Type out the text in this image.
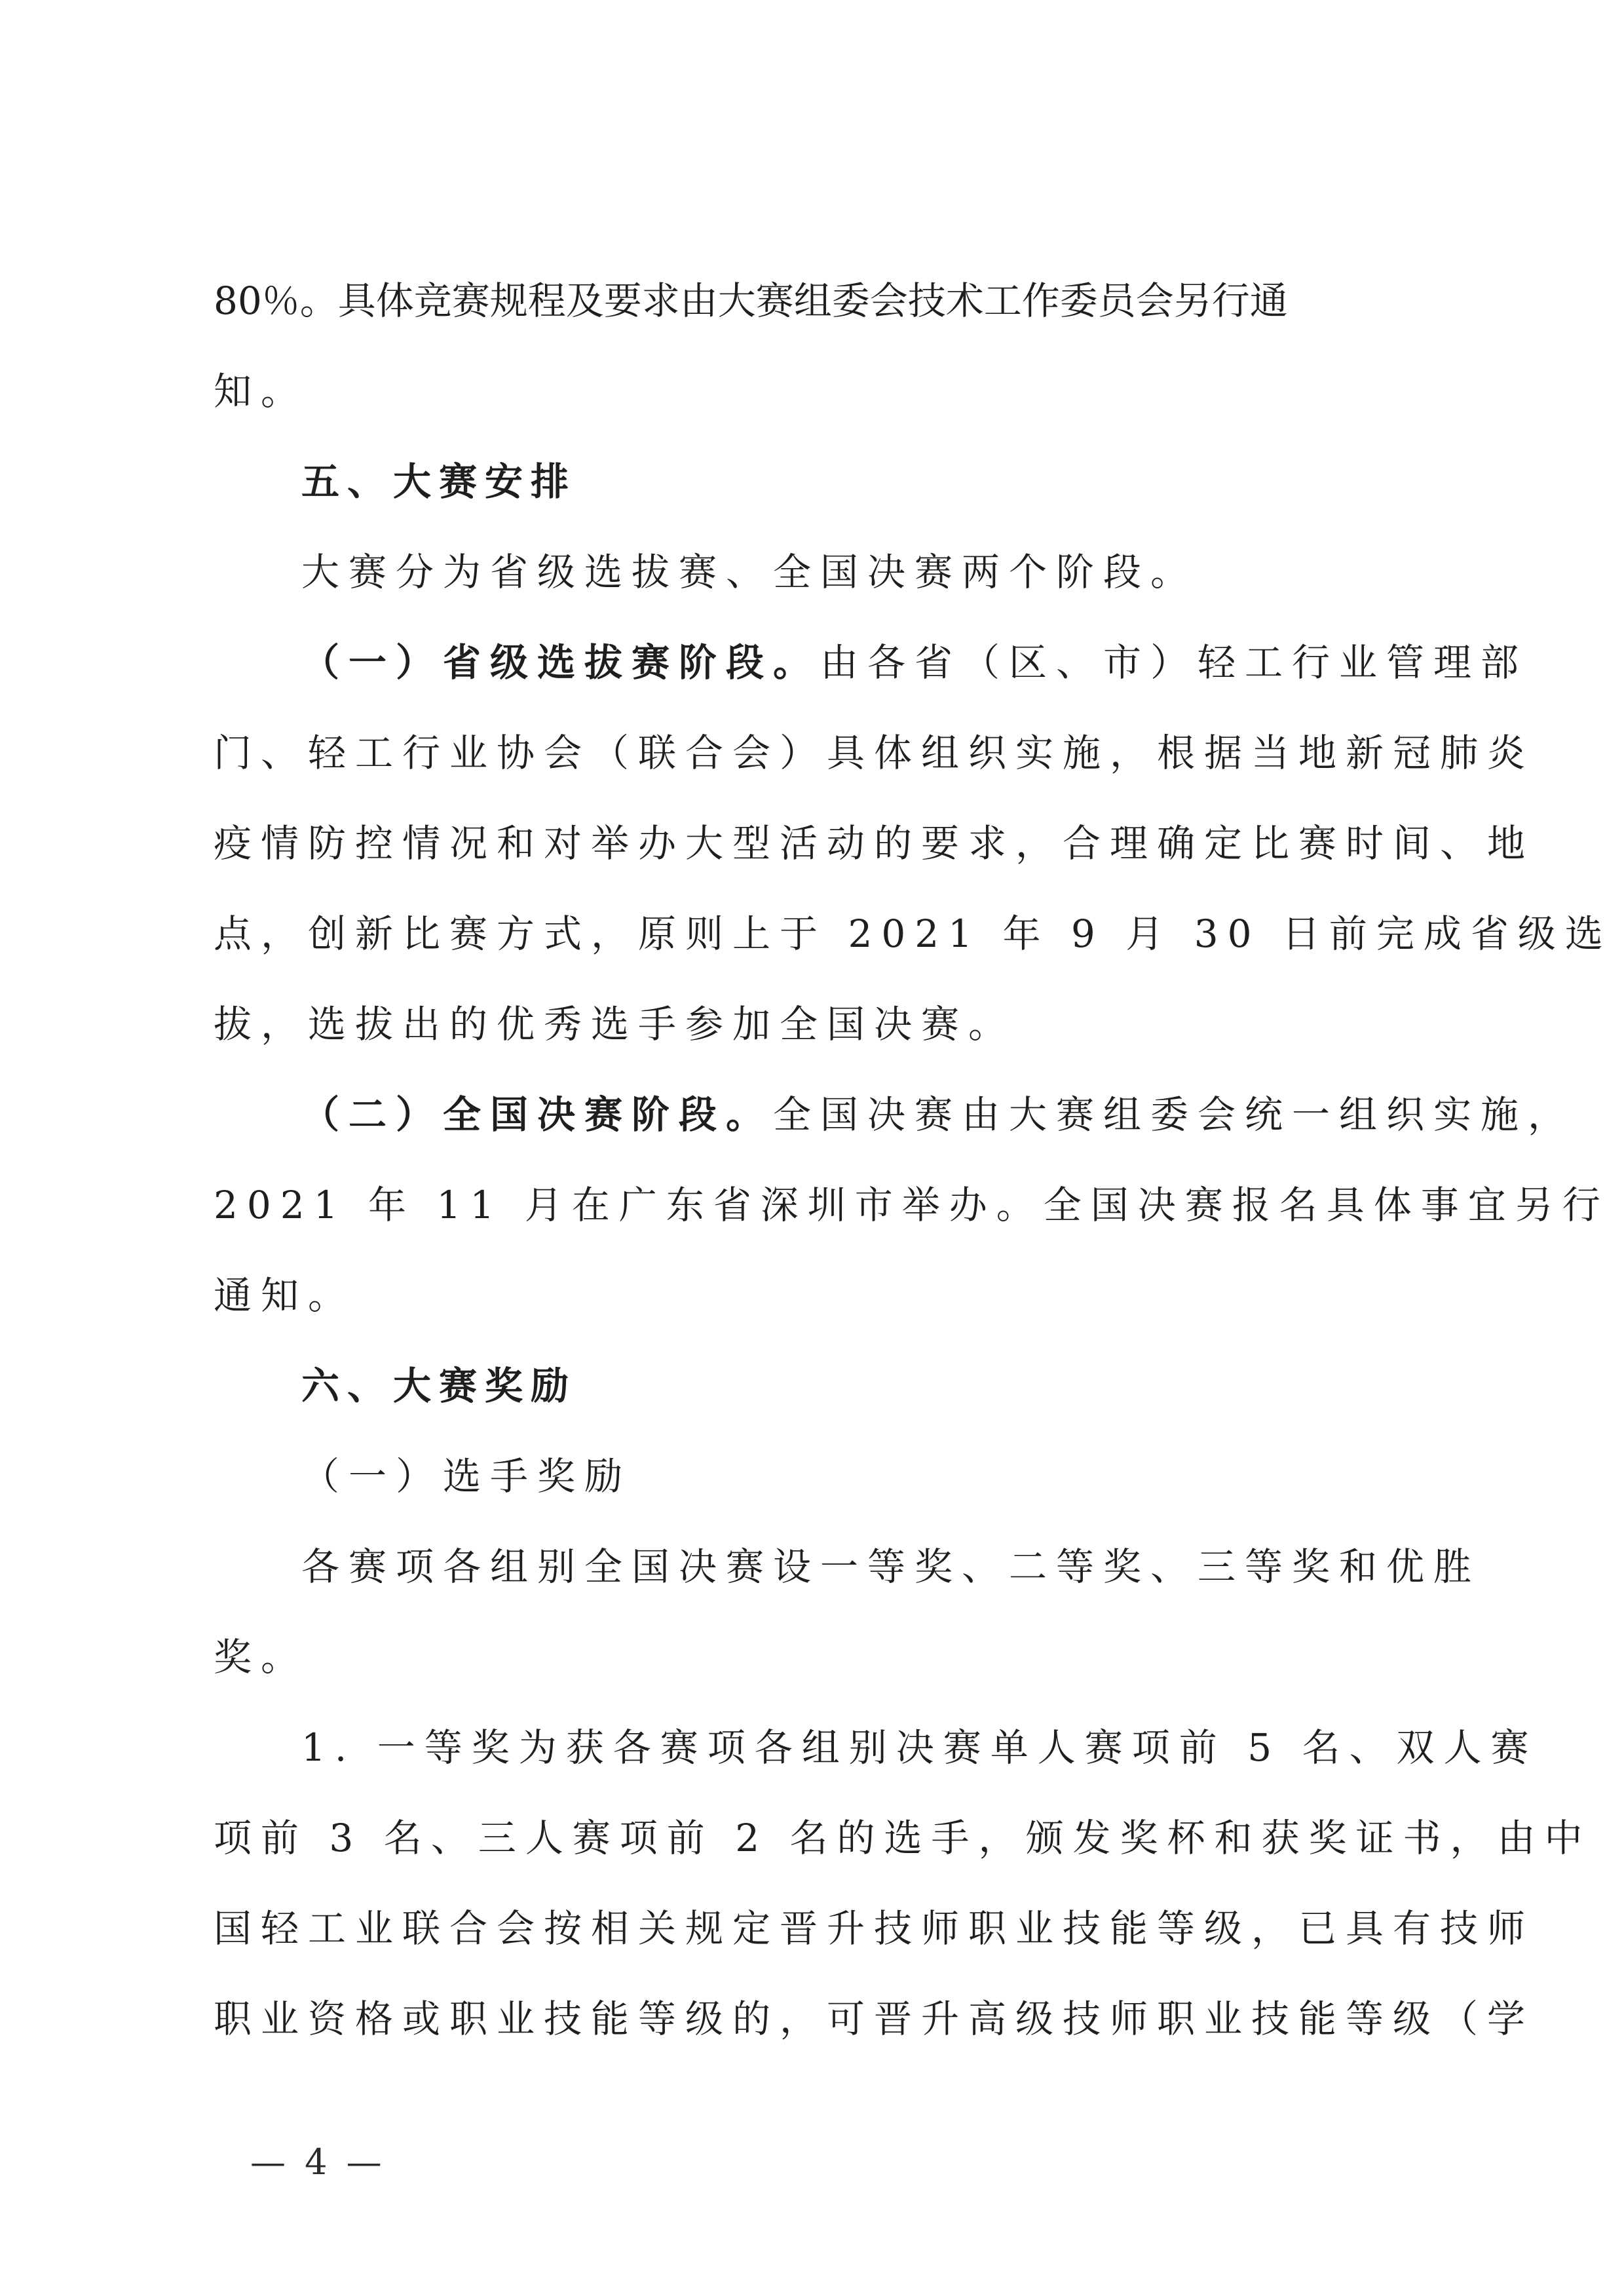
80％。具体竞赛规程及要求由大赛组委会技术工作委员会另行通
知。
五、大赛安排
大赛分为省级选拔赛、全国决赛两个阶段。
（一）省级选拔赛阶段。由各省（区、市）轻工行业管理部
门、轻工行业协会（联合会）具体组织实施，根据当地新冠肺炎
疫情防控情况和对举办大型活动的要求，合理确定比赛时间、地
点，创新比赛方式，原则上于 2021 年 9 月 30 日前完成省级选
拔，选拔出的优秀选手参加全国决赛。
（二）全国决赛阶段。全国决赛由大赛组委会统一组织实施，
2021 年 11 月在广东省深圳市举办。全国决赛报名具体事宜另行
通知。
六、大赛奖励
（一）选手奖励
各赛项各组别全国决赛设一等奖、二等奖、三等奖和优胜
奖。
1. 一等奖为获各赛项各组别决赛单人赛项前 5 名、双人赛
项前 3 名、三人赛项前 2 名的选手，颁发奖杯和获奖证书，由中
国轻工业联合会按相关规定晋升技师职业技能等级，已具有技师
职业资格或职业技能等级的，可晋升高级技师职业技能等级（学
— 4 —
